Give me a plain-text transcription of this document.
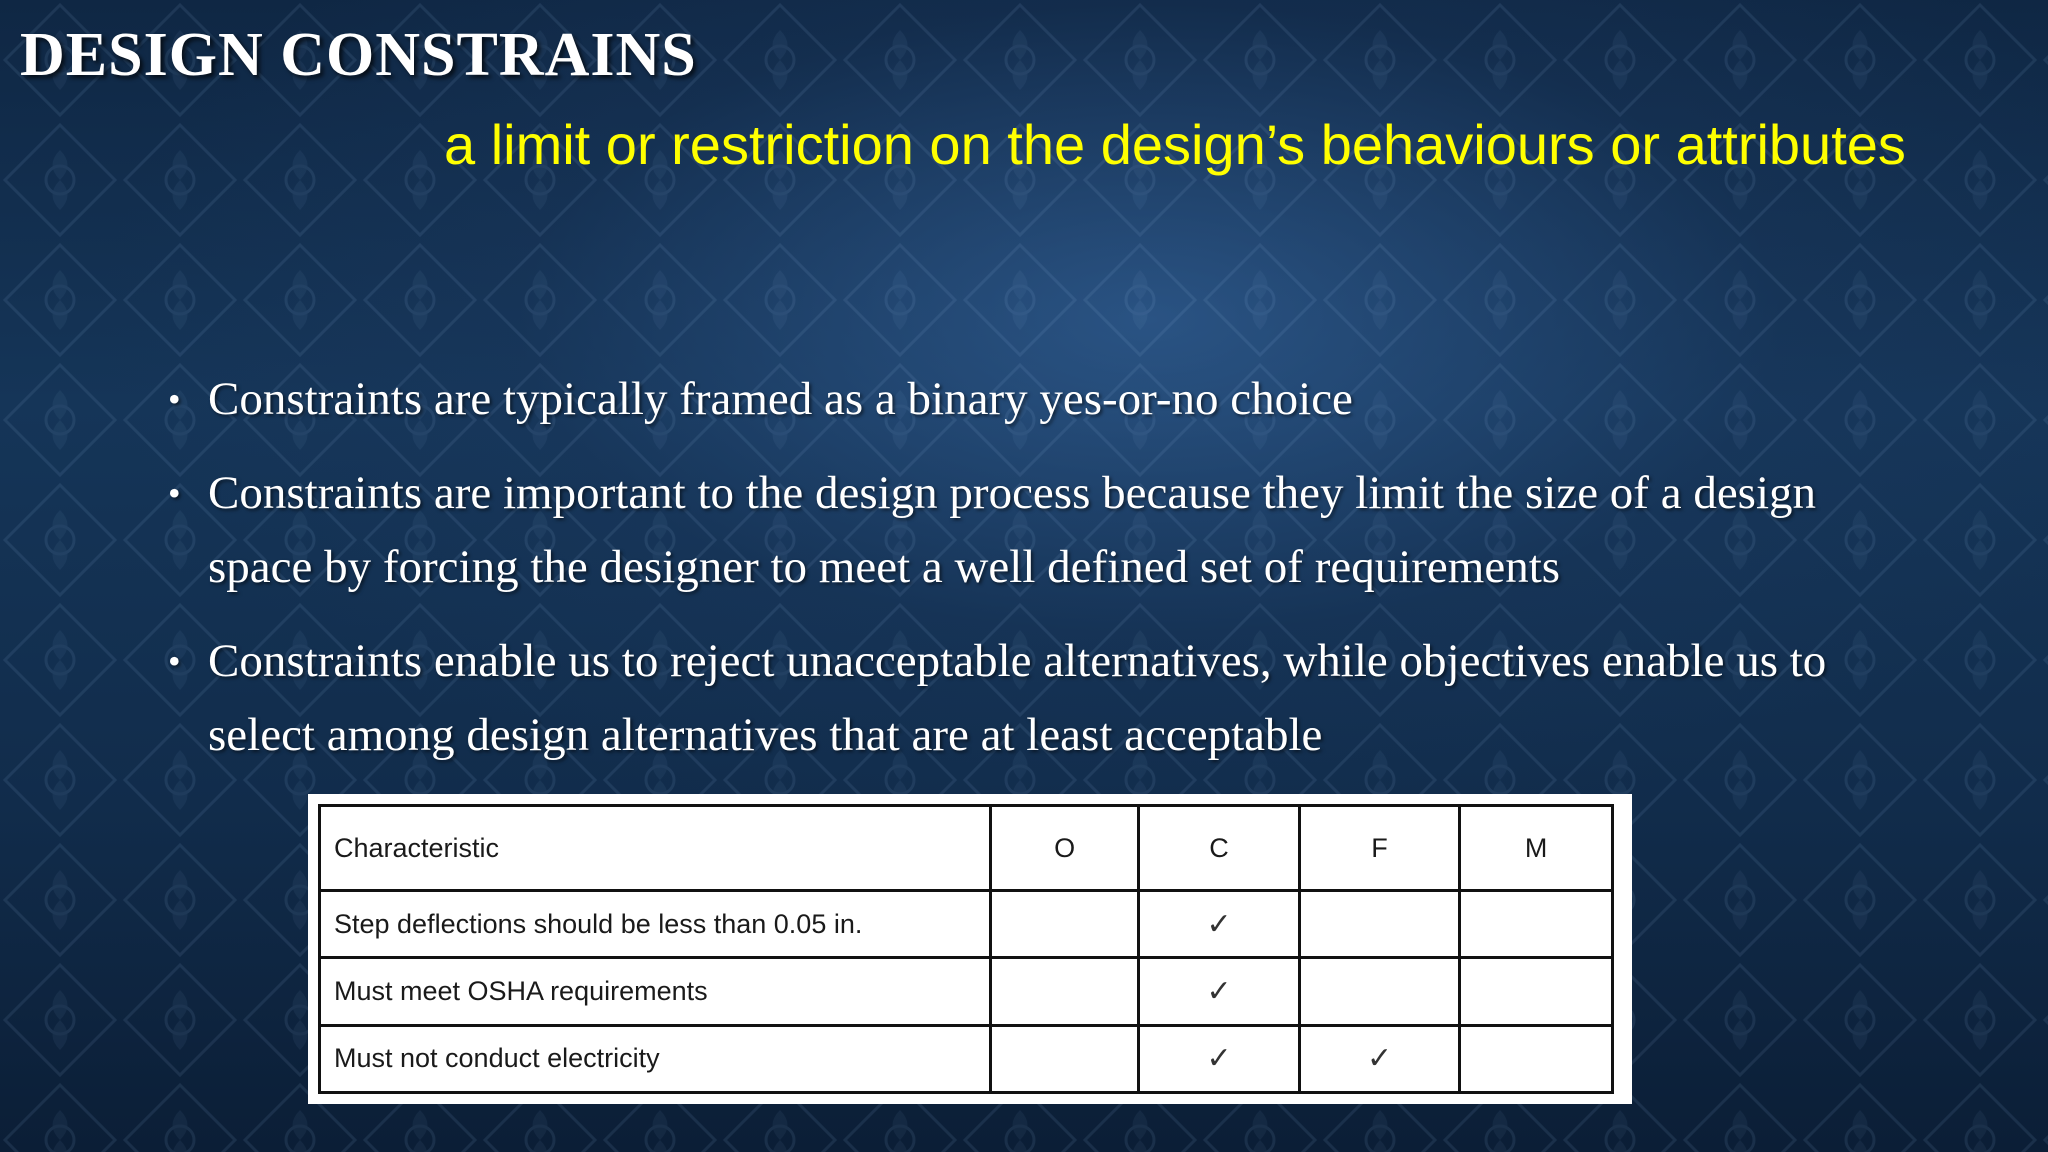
DESIGN CONSTRAINS

a limit or restriction on the design’s behaviours or attributes

• Constraints are typically framed as a binary yes-or-no choice
• Constraints are important to the design process because they limit the size of a design space by forcing the designer to meet a well defined set of requirements
• Constraints enable us to reject unacceptable alternatives, while objectives enable us to select among design alternatives that are at least acceptable
Characteristic	O	C	F	M
Step deflections should be less than 0.05 in.		✓		
Must meet OSHA requirements		✓		
Must not conduct electricity		✓	✓	
